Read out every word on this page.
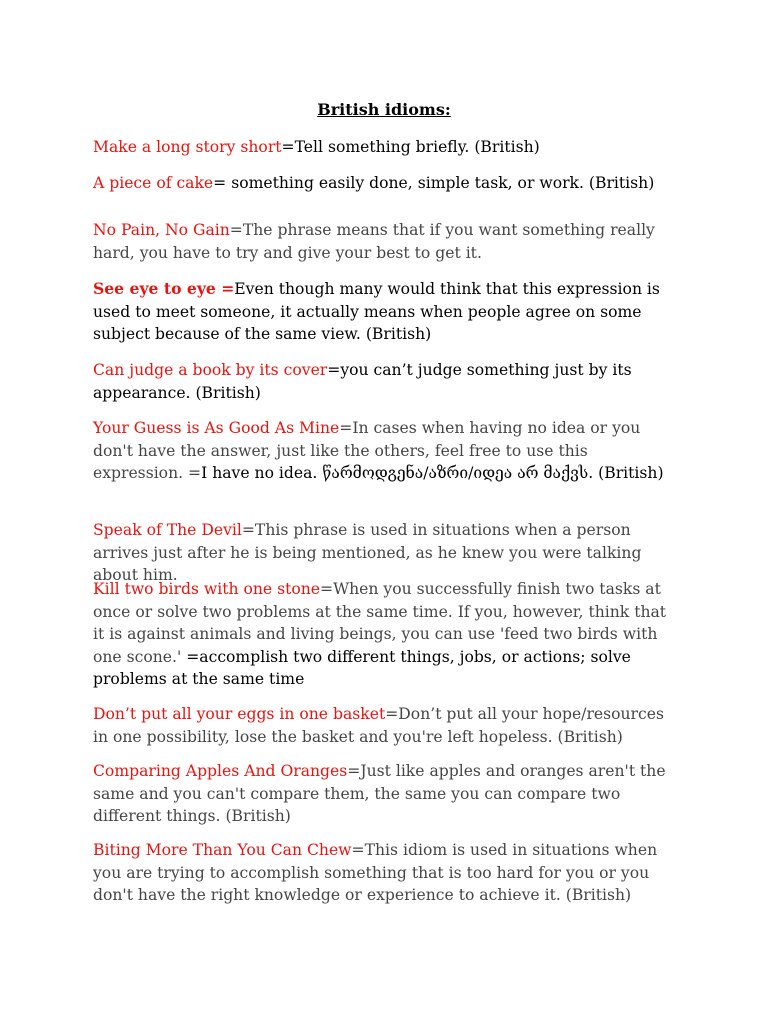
British idioms:

Make a long story short=Tell something briefly. (British)

A piece of cake= something easily done, simple task, or work. (British)

No Pain, No Gain=The phrase means that if you want something really hard, you have to try and give your best to get it.

See eye to eye =Even though many would think that this expression is used to meet someone, it actually means when people agree on some subject because of the same view. (British)

Can judge a book by its cover=you can’t judge something just by its appearance. (British)

Your Guess is As Good As Mine=In cases when having no idea or you don't have the answer, just like the others, feel free to use this expression. =I have no idea. წარმოდგენა/აზრი/იდეა არ მაქვს. (British)

Speak of The Devil=This phrase is used in situations when a person arrives just after he is being mentioned, as he knew you were talking about him.

Kill two birds with one stone=When you successfully finish two tasks at once or solve two problems at the same time. If you, however, think that it is against animals and living beings, you can use 'feed two birds with one scone.' =accomplish two different things, jobs, or actions; solve problems at the same time

Don’t put all your eggs in one basket=Don’t put all your hope/resources in one possibility, lose the basket and you're left hopeless. (British)

Comparing Apples And Oranges=Just like apples and oranges aren't the same and you can't compare them, the same you can compare two different things. (British)

Biting More Than You Can Chew=This idiom is used in situations when you are trying to accomplish something that is too hard for you or you don't have the right knowledge or experience to achieve it. (British)
